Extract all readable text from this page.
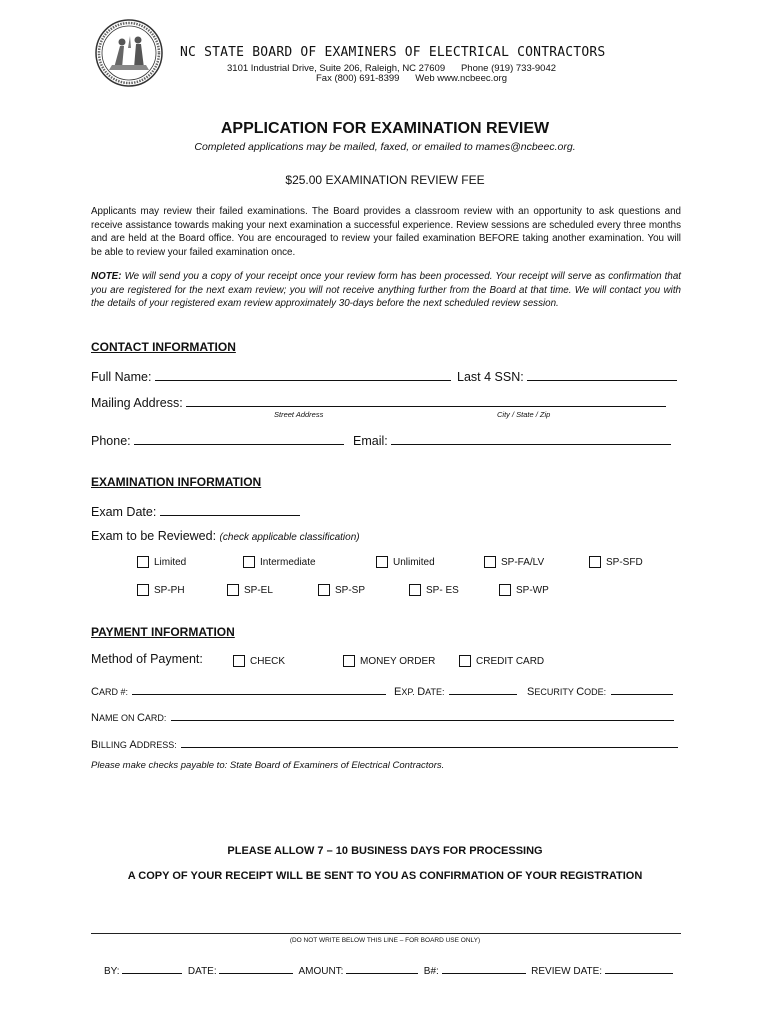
NC STATE BOARD OF EXAMINERS OF ELECTRICAL CONTRACTORS
3101 Industrial Drive, Suite 206, Raleigh, NC 27609 Phone (919) 733-9042
Fax (800) 691-8399 Web www.ncbeec.org
APPLICATION FOR EXAMINATION REVIEW
Completed applications may be mailed, faxed, or emailed to mames@ncbeec.org.
$25.00 EXAMINATION REVIEW FEE
Applicants may review their failed examinations. The Board provides a classroom review with an opportunity to ask questions and receive assistance towards making your next examination a successful experience. Review sessions are scheduled every three months and are held at the Board office. You are encouraged to review your failed examination BEFORE taking another examination. You will be able to review your failed examination once.
NOTE: We will send you a copy of your receipt once your review form has been processed. Your receipt will serve as confirmation that you are registered for the next exam review; you will not receive anything further from the Board at that time. We will contact you with the details of your registered exam review approximately 30-days before the next scheduled review session.
CONTACT INFORMATION
Full Name:	Last 4 SSN:
Mailing Address:
Street Address	City / State / Zip
Phone:	Email:
EXAMINATION INFORMATION
Exam Date:
Exam to be Reviewed: (check applicable classification)
Limited	Intermediate	Unlimited	SP-FA/LV	SP-SFD
SP-PH	SP-EL	SP-SP	SP- ES	SP-WP
PAYMENT INFORMATION
Method of Payment:	CHECK	MONEY ORDER	CREDIT CARD
CARD #:	EXP. DATE:	SECURITY CODE:
NAME ON CARD:
BILLING ADDRESS:
Please make checks payable to: State Board of Examiners of Electrical Contractors.
PLEASE ALLOW 7 – 10 BUSINESS DAYS FOR PROCESSING
A COPY OF YOUR RECEIPT WILL BE SENT TO YOU AS CONFIRMATION OF YOUR REGISTRATION
(DO NOT WRITE BELOW THIS LINE – FOR BOARD USE ONLY)
BY:	DATE:	AMOUNT:	B#:	REVIEW DATE:
